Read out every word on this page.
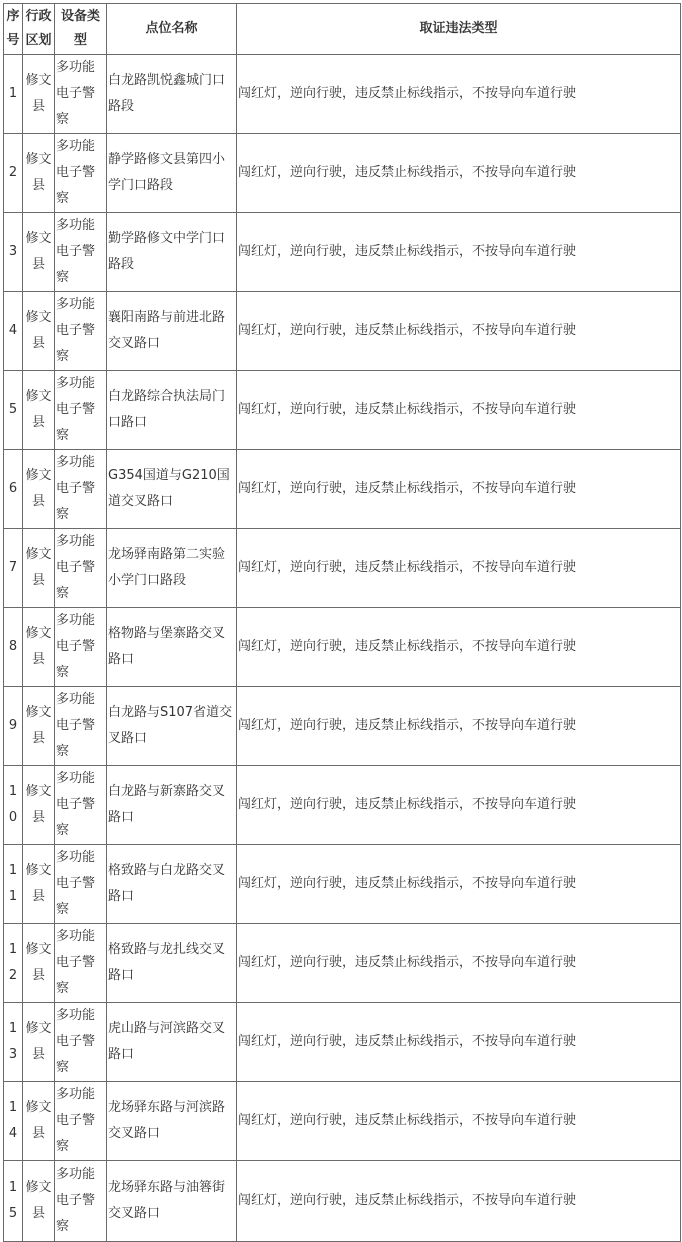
序号	行政区划	设备类型	点位名称	取证违法类型
1	修文县	多功能电子警察	白龙路凯悦鑫城门口路段	闯红灯，逆向行驶，违反禁止标线指示，不按导向车道行驶
2	修文县	多功能电子警察	静学路修文县第四小学门口路段	闯红灯，逆向行驶，违反禁止标线指示，不按导向车道行驶
3	修文县	多功能电子警察	勤学路修文中学门口路段	闯红灯，逆向行驶，违反禁止标线指示，不按导向车道行驶
4	修文县	多功能电子警察	襄阳南路与前进北路交叉路口	闯红灯，逆向行驶，违反禁止标线指示，不按导向车道行驶
5	修文县	多功能电子警察	白龙路综合执法局门口路口	闯红灯，逆向行驶，违反禁止标线指示，不按导向车道行驶
6	修文县	多功能电子警察	G354国道与G210国道交叉路口	闯红灯，逆向行驶，违反禁止标线指示，不按导向车道行驶
7	修文县	多功能电子警察	龙场驿南路第二实验小学门口路段	闯红灯，逆向行驶，违反禁止标线指示，不按导向车道行驶
8	修文县	多功能电子警察	格物路与堡寨路交叉路口	闯红灯，逆向行驶，违反禁止标线指示，不按导向车道行驶
9	修文县	多功能电子警察	白龙路与S107省道交叉路口	闯红灯，逆向行驶，违反禁止标线指示，不按导向车道行驶
10	修文县	多功能电子警察	白龙路与新寨路交叉路口	闯红灯，逆向行驶，违反禁止标线指示，不按导向车道行驶
11	修文县	多功能电子警察	格致路与白龙路交叉路口	闯红灯，逆向行驶，违反禁止标线指示，不按导向车道行驶
12	修文县	多功能电子警察	格致路与龙扎线交叉路口	闯红灯，逆向行驶，违反禁止标线指示，不按导向车道行驶
13	修文县	多功能电子警察	虎山路与河滨路交叉路口	闯红灯，逆向行驶，违反禁止标线指示，不按导向车道行驶
14	修文县	多功能电子警察	龙场驿东路与河滨路交叉路口	闯红灯，逆向行驶，违反禁止标线指示，不按导向车道行驶
15	修文县	多功能电子警察	龙场驿东路与油簭街交叉路口	闯红灯，逆向行驶，违反禁止标线指示，不按导向车道行驶
